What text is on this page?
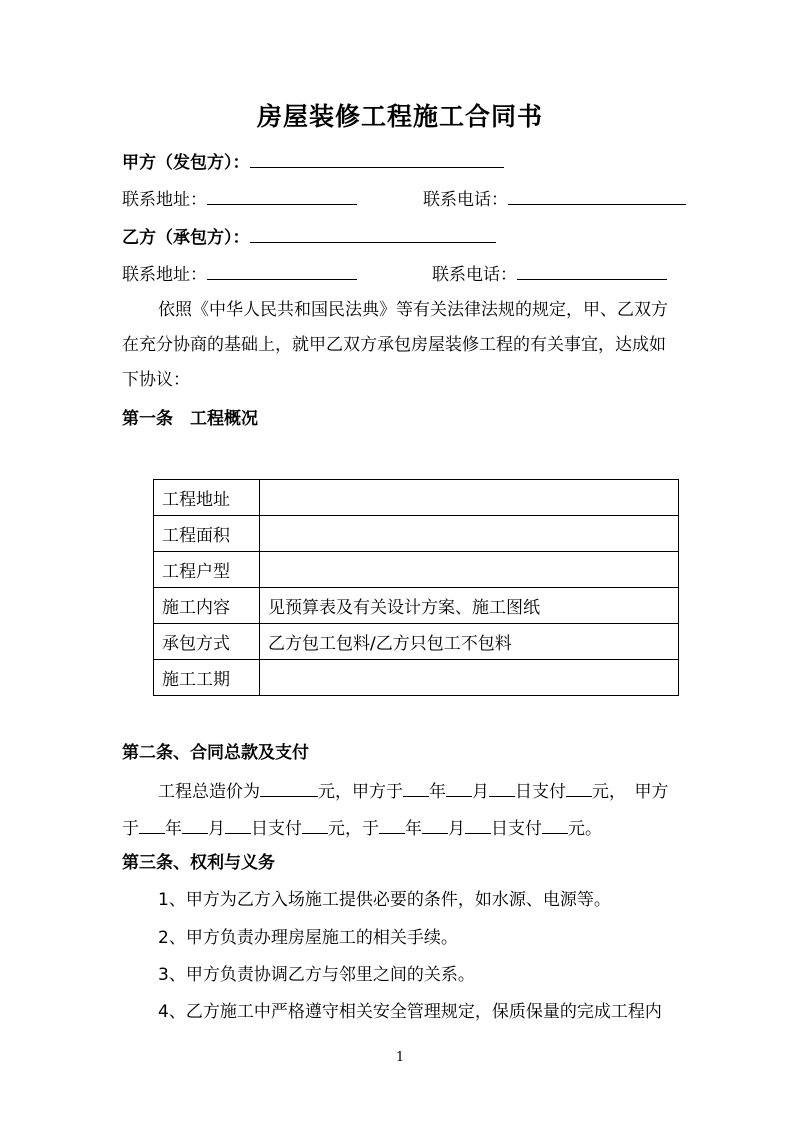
房屋装修工程施工合同书
甲方（发包方）：
联系地址：	联系电话：
乙方（承包方）：
联系地址：	联系电话：
依照《中华人民共和国民法典》等有关法律法规的规定，甲、乙双方
在充分协商的基础上，就甲乙双方承包房屋装修工程的有关事宜，达成如
下协议：
第一条　工程概况
工程地址	
工程面积	
工程户型	
施工内容	见预算表及有关设计方案、施工图纸
承包方式	乙方包工包料/乙方只包工不包料
施工工期	
第二条、合同总款及支付
工程总造价为	元，甲方于 年 月 日支付 元，　甲方
于 年 月 日支付 元，于 年 月 日支付 元。
第三条、权利与义务
1、甲方为乙方入场施工提供必要的条件，如水源、电源等。
2、甲方负责办理房屋施工的相关手续。
3、甲方负责协调乙方与邻里之间的关系。
4、乙方施工中严格遵守相关安全管理规定，保质保量的完成工程内
1
